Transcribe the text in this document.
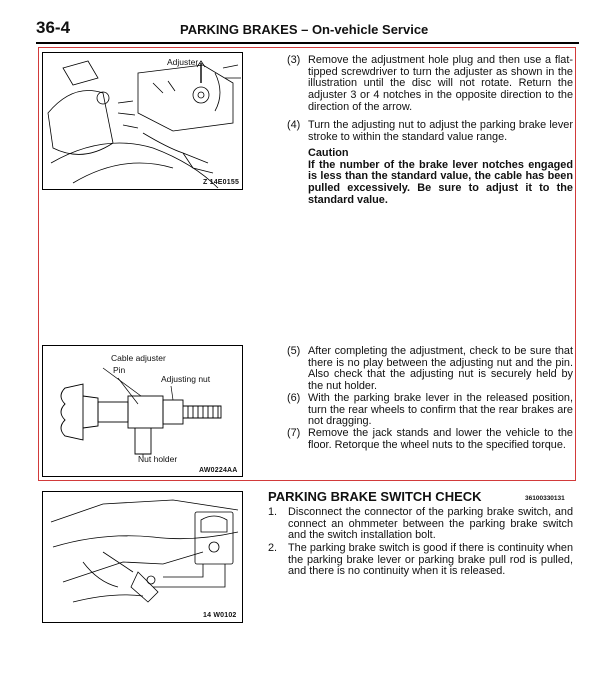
36-4	PARKING BRAKES – On-vehicle Service
Adjuster
Z 14E0155
Cable adjuster
Pin
Adjusting nut
Nut holder
AW0224AA
14 W0102
(3) Remove the adjustment hole plug and then use a flat-tipped screwdriver to turn the adjuster as shown in the illustration until the disc will not rotate. Return the adjuster 3 or 4 notches in the opposite direction to the direction of the arrow.
(4) Turn the adjusting nut to adjust the parking brake lever stroke to within the standard value range.
Caution
If the number of the brake lever notches engaged is less than the standard value, the cable has been pulled excessively. Be sure to adjust it to the standard value.
(5) After completing the adjustment, check to be sure that there is no play between the adjusting nut and the pin. Also check that the adjusting nut is securely held by the nut holder.
(6) With the parking brake lever in the released position, turn the rear wheels to confirm that the rear brakes are not dragging.
(7) Remove the jack stands and lower the vehicle to the floor. Retorque the wheel nuts to the specified torque.
PARKING BRAKE SWITCH CHECK	36100330131
1. Disconnect the connector of the parking brake switch, and connect an ohmmeter between the parking brake switch and the switch installation bolt.
2. The parking brake switch is good if there is continuity when the parking brake lever or parking brake pull rod is pulled, and there is no continuity when it is released.
